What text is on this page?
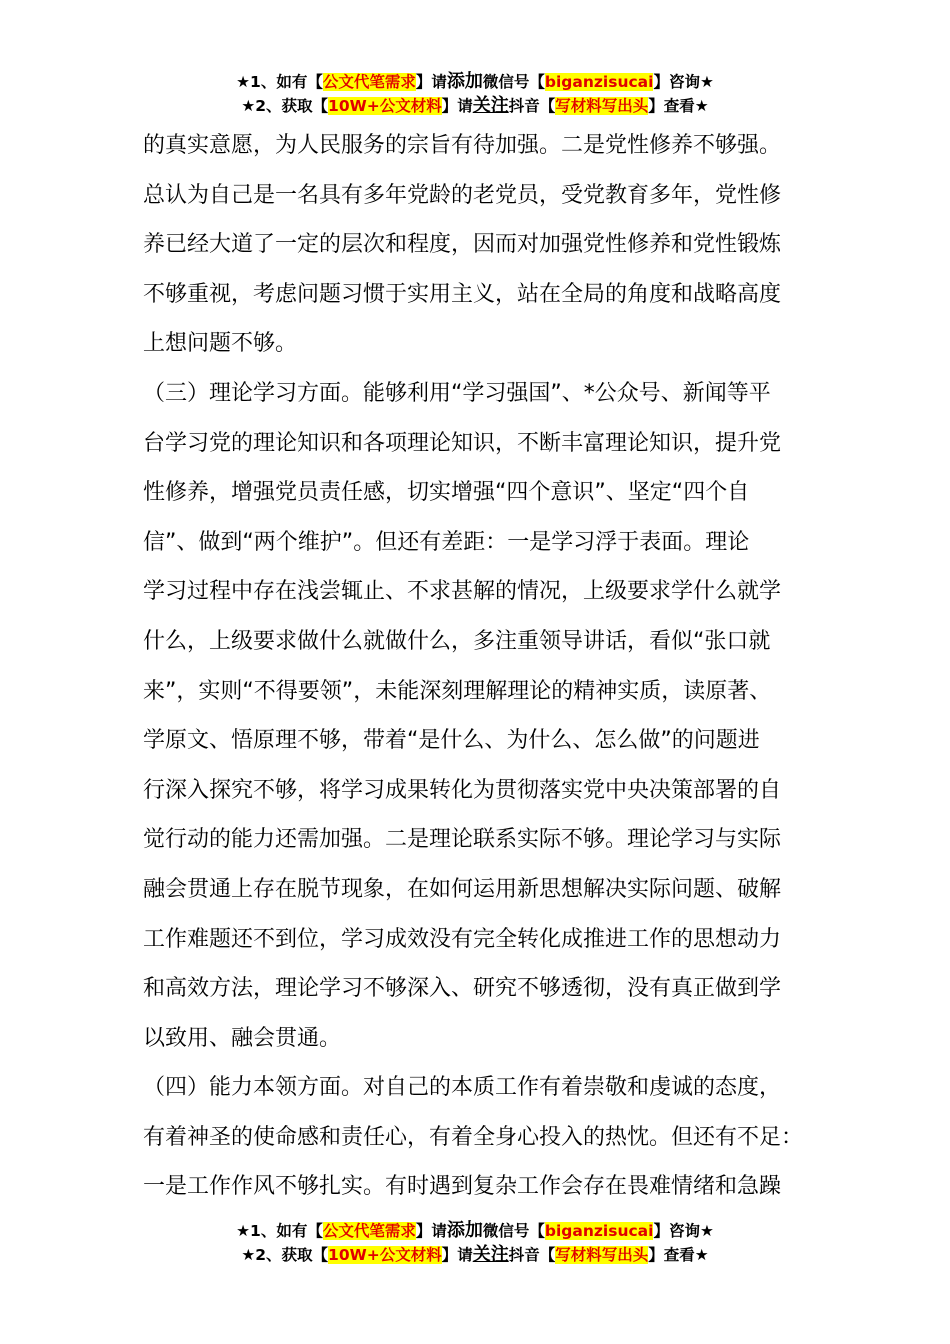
★1、如有【公文代笔需求】请添加微信号【biganzisucai】咨询★
★2、获取【10W+公文材料】请关注抖音【写材料写出头】查看★
的真实意愿，为人民服务的宗旨有待加强。二是党性修养不够强。
总认为自己是一名具有多年党龄的老党员，受党教育多年，党性修
养已经大道了一定的层次和程度，因而对加强党性修养和党性锻炼
不够重视，考虑问题习惯于实用主义，站在全局的角度和战略高度
上想问题不够。
（三）理论学习方面。能够利用“学习强国”、*公众号、新闻等平
台学习党的理论知识和各项理论知识，不断丰富理论知识，提升党
性修养，增强党员责任感，切实增强“四个意识”、坚定“四个自
信”、做到“两个维护”。但还有差距：一是学习浮于表面。理论
学习过程中存在浅尝辄止、不求甚解的情况，上级要求学什么就学
什么，上级要求做什么就做什么，多注重领导讲话，看似“张口就
来”，实则“不得要领”，未能深刻理解理论的精神实质，读原著、
学原文、悟原理不够，带着“是什么、为什么、怎么做”的问题进
行深入探究不够，将学习成果转化为贯彻落实党中央决策部署的自
觉行动的能力还需加强。二是理论联系实际不够。理论学习与实际
融会贯通上存在脱节现象，在如何运用新思想解决实际问题、破解
工作难题还不到位，学习成效没有完全转化成推进工作的思想动力
和高效方法，理论学习不够深入、研究不够透彻，没有真正做到学
以致用、融会贯通。
（四）能力本领方面。对自己的本质工作有着崇敬和虔诚的态度，
有着神圣的使命感和责任心，有着全身心投入的热忱。但还有不足：
一是工作作风不够扎实。有时遇到复杂工作会存在畏难情绪和急躁
★1、如有【公文代笔需求】请添加微信号【biganzisucai】咨询★
★2、获取【10W+公文材料】请关注抖音【写材料写出头】查看★
